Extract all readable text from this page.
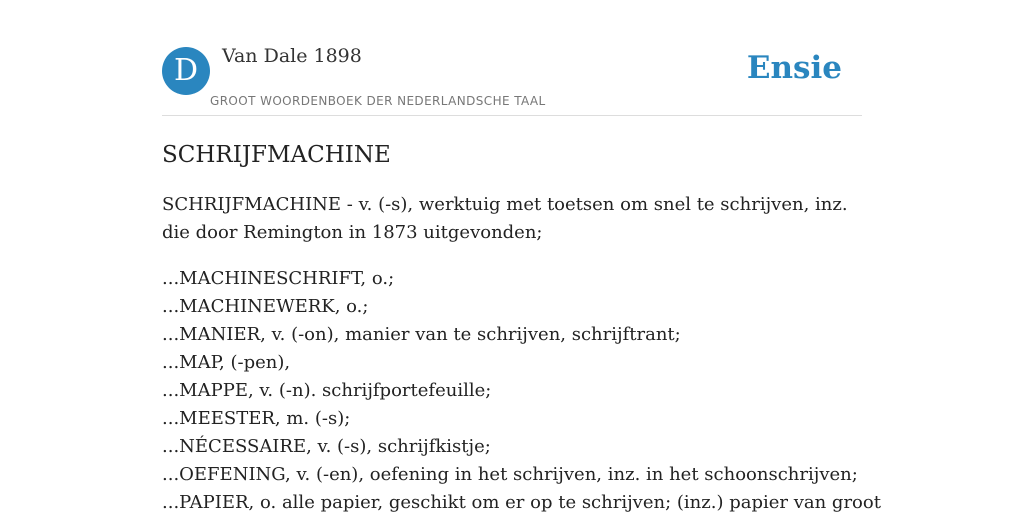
D	Van Dale 1898
GROOT WOORDENBOEK DER NEDERLANDSCHE TAAL
Ensie
SCHRIJFMACHINE

SCHRIJFMACHINE - v. (-s), werktuig met toetsen om snel te schrijven, inz. die door Remington in 1873 uitgevonden;

...MACHINESCHRIFT, o.;
...MACHINEWERK, o.;
...MANIER, v. (-on), manier van te schrijven, schrijftrant;
...MAP, (-pen),
...MAPPE, v. (-n). schrijfportefeuille;
...MEESTER, m. (-s);
...NÉCESSAIRE, v. (-s), schrijfkistje;
...OEFENING, v. (-en), oefening in het schrijven, inz. in het schoonschrijven;
...PAPIER, o. alle papier, geschikt om er op te schrijven; (inz.) papier van groot
